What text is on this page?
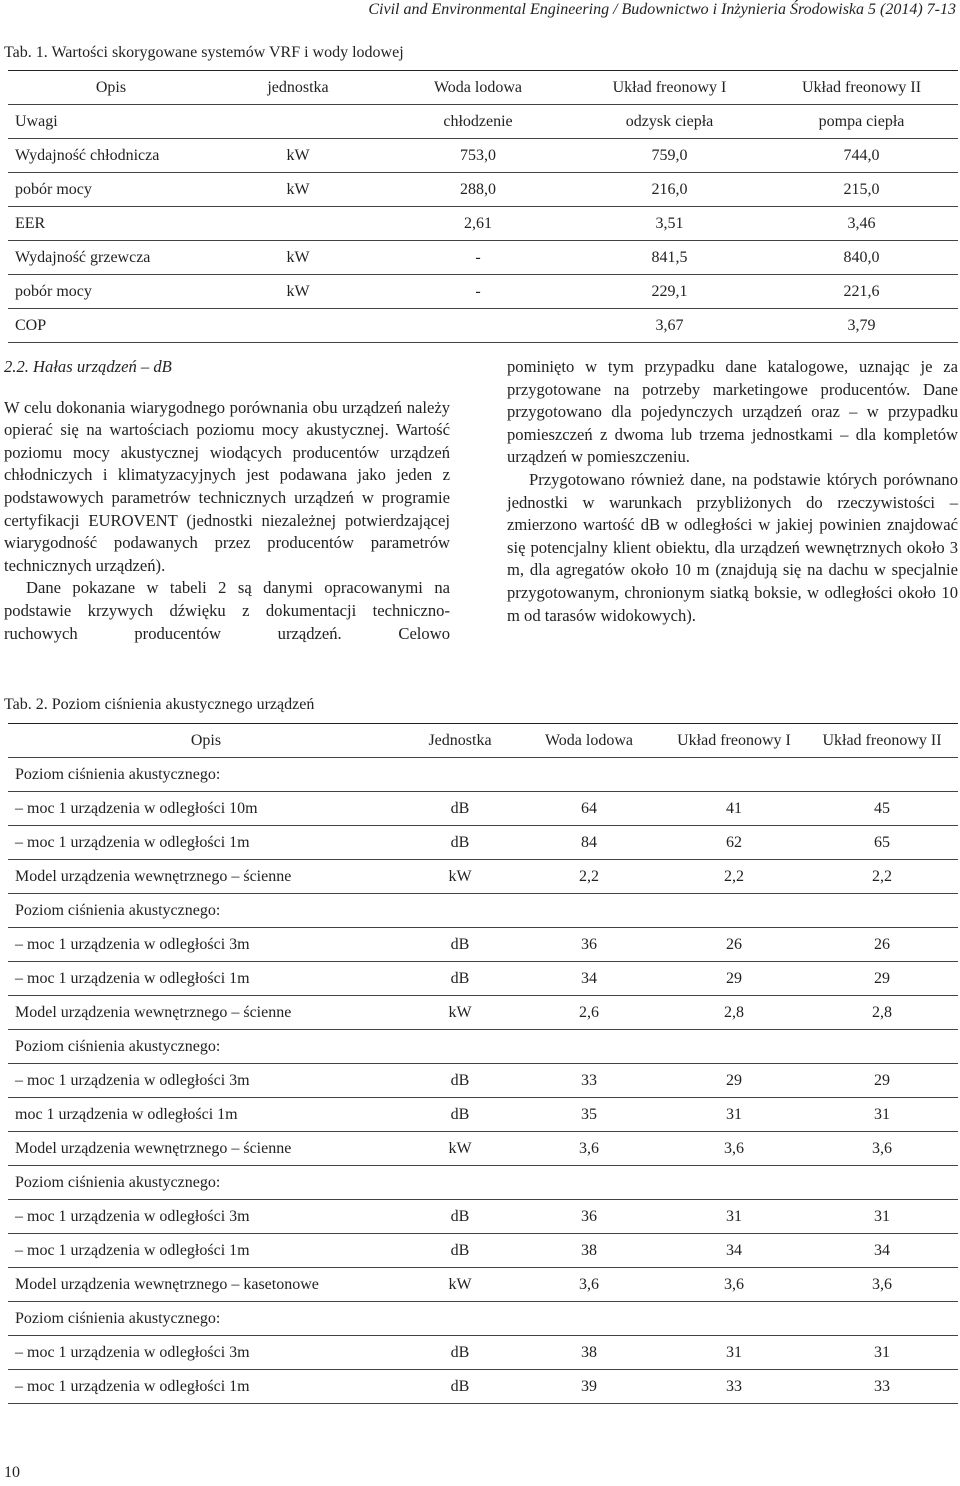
Civil and Environmental Engineering / Budownictwo i Inżynieria Środowiska 5 (2014) 7-13
Tab. 1. Wartości skorygowane systemów VRF i wody lodowej
Opis	jednostka	Woda lodowa	Układ freonowy I	Układ freonowy II
Uwagi		chłodzenie	odzysk ciepła	pompa ciepła
Wydajność chłodnicza	kW	753,0	759,0	744,0
pobór mocy	kW	288,0	216,0	215,0
EER		2,61	3,51	3,46
Wydajność grzewcza	kW	-	841,5	840,0
pobór mocy	kW	-	229,1	221,6
COP			3,67	3,79

2.2. Hałas urządzeń – dB

W celu dokonania wiarygodnego porównania obu urządzeń należy opierać się na wartościach poziomu mocy akustycznej. Wartość poziomu mocy akustycznej wiodących producentów urządzeń chłodniczych i klimatyzacyjnych jest podawana jako jeden z podstawowych parametrów technicznych urządzeń w programie certyfikacji EUROVENT (jednostki niezależnej potwierdzającej wiarygodność podawanych przez producentów parametrów technicznych urządzeń).

Dane pokazane w tabeli 2 są danymi opracowanymi na podstawie krzywych dźwięku z dokumentacji techniczno-ruchowych producentów urządzeń. Celowo

pominięto w tym przypadku dane katalogowe, uznając je za przygotowane na potrzeby marketingowe producentów. Dane przygotowano dla pojedynczych urządzeń oraz – w przypadku pomieszczeń z dwoma lub trzema jednostkami – dla kompletów urządzeń w pomieszczeniu.

Przygotowano również dane, na podstawie których porównano jednostki w warunkach przybliżonych do rzeczywistości – zmierzono wartość dB w odległości w jakiej powinien znajdować się potencjalny klient obiektu, dla urządzeń wewnętrznych około 3 m, dla agregatów około 10 m (znajdują się na dachu w specjalnie przygotowanym, chronionym siatką boksie, w odległości około 10 m od tarasów widokowych).

Tab. 2. Poziom ciśnienia akustycznego urządzeń
Opis	Jednostka	Woda lodowa	Układ freonowy I	Układ freonowy II
Poziom ciśnienia akustycznego:				
– moc 1 urządzenia w odległości 10m	dB	64	41	45
– moc 1 urządzenia w odległości 1m	dB	84	62	65
Model urządzenia wewnętrznego – ścienne	kW	2,2	2,2	2,2
Poziom ciśnienia akustycznego:				
– moc 1 urządzenia w odległości 3m	dB	36	26	26
– moc 1 urządzenia w odległości 1m	dB	34	29	29
Model urządzenia wewnętrznego – ścienne	kW	2,6	2,8	2,8
Poziom ciśnienia akustycznego:				
– moc 1 urządzenia w odległości 3m	dB	33	29	29
moc 1 urządzenia w odległości 1m	dB	35	31	31
Model urządzenia wewnętrznego – ścienne	kW	3,6	3,6	3,6
Poziom ciśnienia akustycznego:				
– moc 1 urządzenia w odległości 3m	dB	36	31	31
– moc 1 urządzenia w odległości 1m	dB	38	34	34
Model urządzenia wewnętrznego – kasetonowe	kW	3,6	3,6	3,6
Poziom ciśnienia akustycznego:				
– moc 1 urządzenia w odległości 3m	dB	38	31	31
– moc 1 urządzenia w odległości 1m	dB	39	33	33
10
